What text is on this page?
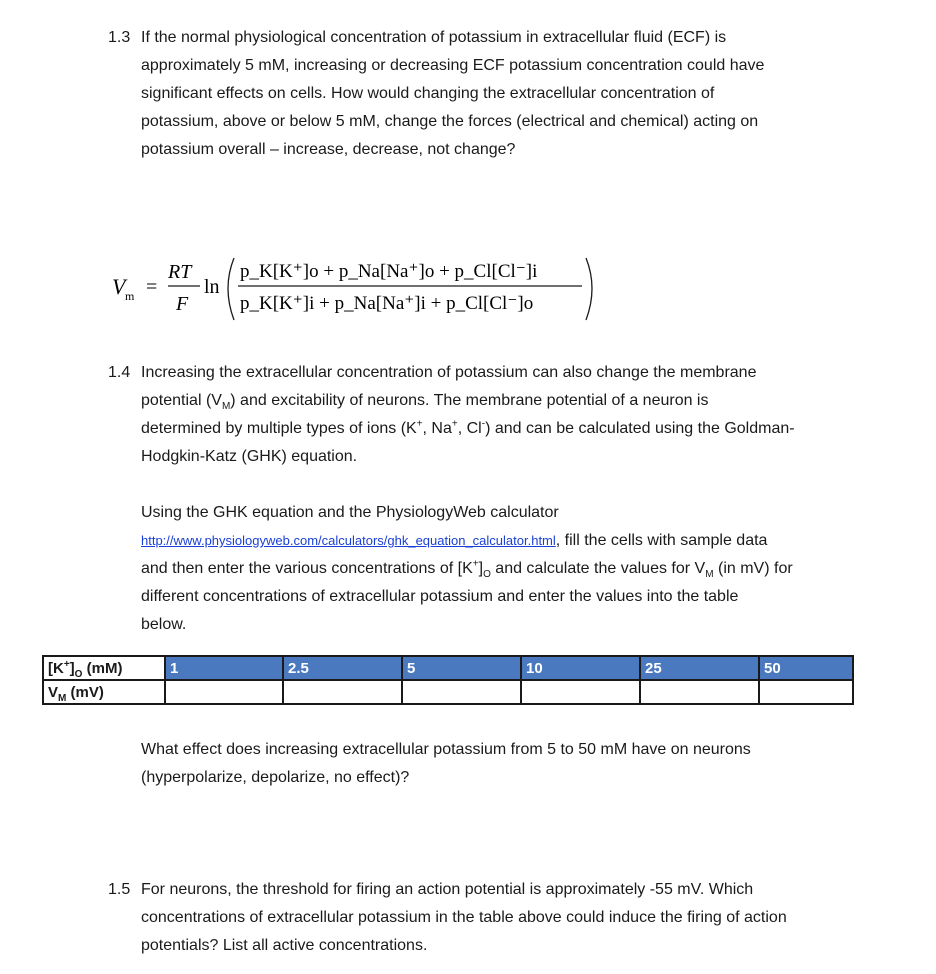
1.3 If the normal physiological concentration of potassium in extracellular fluid (ECF) is
approximately 5 mM, increasing or decreasing ECF potassium concentration could have
significant effects on cells. How would changing the extracellular concentration of
potassium, above or below 5 mM, change the forces (electrical and chemical) acting on
potassium overall – increase, decrease, not change?
V m =
RT
F
ln
p_K[K⁺]o + p_Na[Na⁺]o + p_Cl[Cl⁻]i
p_K[K⁺]i + p_Na[Na⁺]i + p_Cl[Cl⁻]o
1.4 Increasing the extracellular concentration of potassium can also change the membrane
potential $(V_M)$ and excitability of neurons. The membrane potential of a neuron is
determined by multiple types of ions (K+, Na+, Cl-) and can be calculated using the Goldman-
Hodgkin-Katz (GHK) equation.
Using the GHK equation and the PhysiologyWeb calculator
http://www.physiologyweb.com/calculators/ghk_equation_calculator.html, fill the cells with sample data
and then enter the various concentrations of $[K^+]_O$ and calculate the values for $V_M$ (in mV) for
different concentrations of extracellular potassium and enter the values into the table
below.
$[K^+]_O$ (mM)	1	2.5	5	10	25	50
$V_M$ (mV)						
What effect does increasing extracellular potassium from 5 to 50 mM have on neurons
(hyperpolarize, depolarize, no effect)?
1.5 For neurons, the threshold for firing an action potential is approximately -55 mV. Which
concentrations of extracellular potassium in the table above could induce the firing of action
potentials? List all active concentrations.
